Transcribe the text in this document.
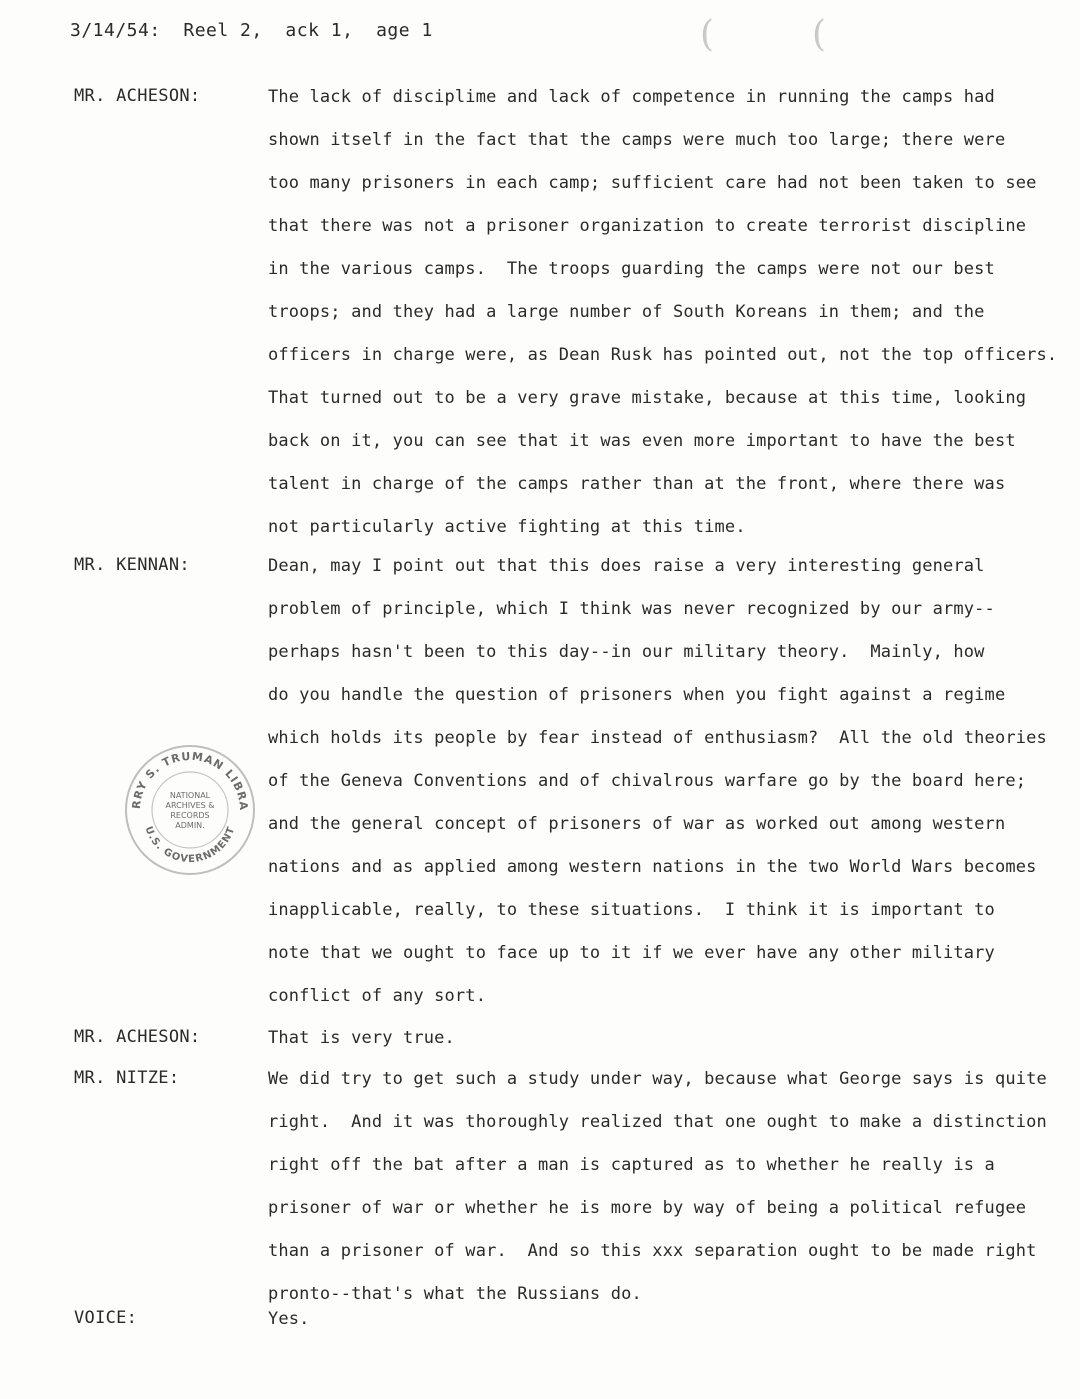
3/14/54:  Reel 2,  ack 1,  age 1	(	(
MR. ACHESON:	The lack of disciplime and lack of competence in running the camps had
shown itself in the fact that the camps were much too large; there were
too many prisoners in each camp; sufficient care had not been taken to see
that there was not a prisoner organization to create terrorist discipline
in the various camps.  The troops guarding the camps were not our best
troops; and they had a large number of South Koreans in them; and the
officers in charge were, as Dean Rusk has pointed out, not the top officers.
That turned out to be a very grave mistake, because at this time, looking
back on it, you can see that it was even more important to have the best
talent in charge of the camps rather than at the front, where there was
not particularly active fighting at this time.
MR. KENNAN:	Dean, may I point out that this does raise a very interesting general
problem of principle, which I think was never recognized by our army--
perhaps hasn't been to this day--in our military theory.  Mainly, how
do you handle the question of prisoners when you fight against a regime
which holds its people by fear instead of enthusiasm?  All the old theories
of the Geneva Conventions and of chivalrous warfare go by the board here;
and the general concept of prisoners of war as worked out among western
nations and as applied among western nations in the two World Wars becomes
inapplicable, really, to these situations.  I think it is important to
note that we ought to face up to it if we ever have any other military
conflict of any sort.
MR. ACHESON:	That is very true.
MR. NITZE:	We did try to get such a study under way, because what George says is quite
right.  And it was thoroughly realized that one ought to make a distinction
right off the bat after a man is captured as to whether he really is a
prisoner of war or whether he is more by way of being a political refugee
than a prisoner of war.  And so this xxx separation ought to be made right
pronto--that's what the Russians do.
VOICE:	Yes.
RRY S. TRUMAN LIBRA
U.S. GOVERNMENT
NATIONAL
ARCHIVES &
RECORDS
ADMIN.
